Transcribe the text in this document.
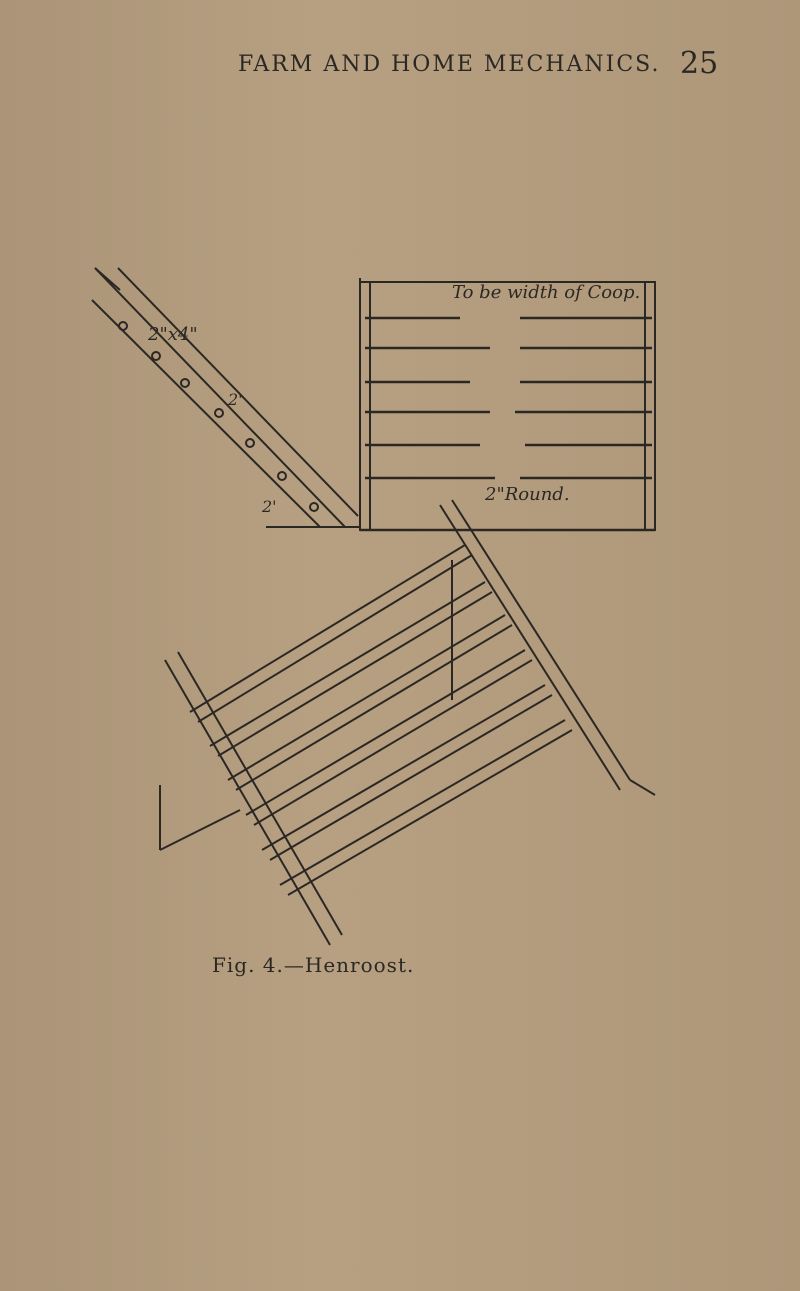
FARM AND HOME MECHANICS. 25
To be width of Coop.
2"Round.
2"x4"
2'
2'
Fig. 4.—Henroost.
